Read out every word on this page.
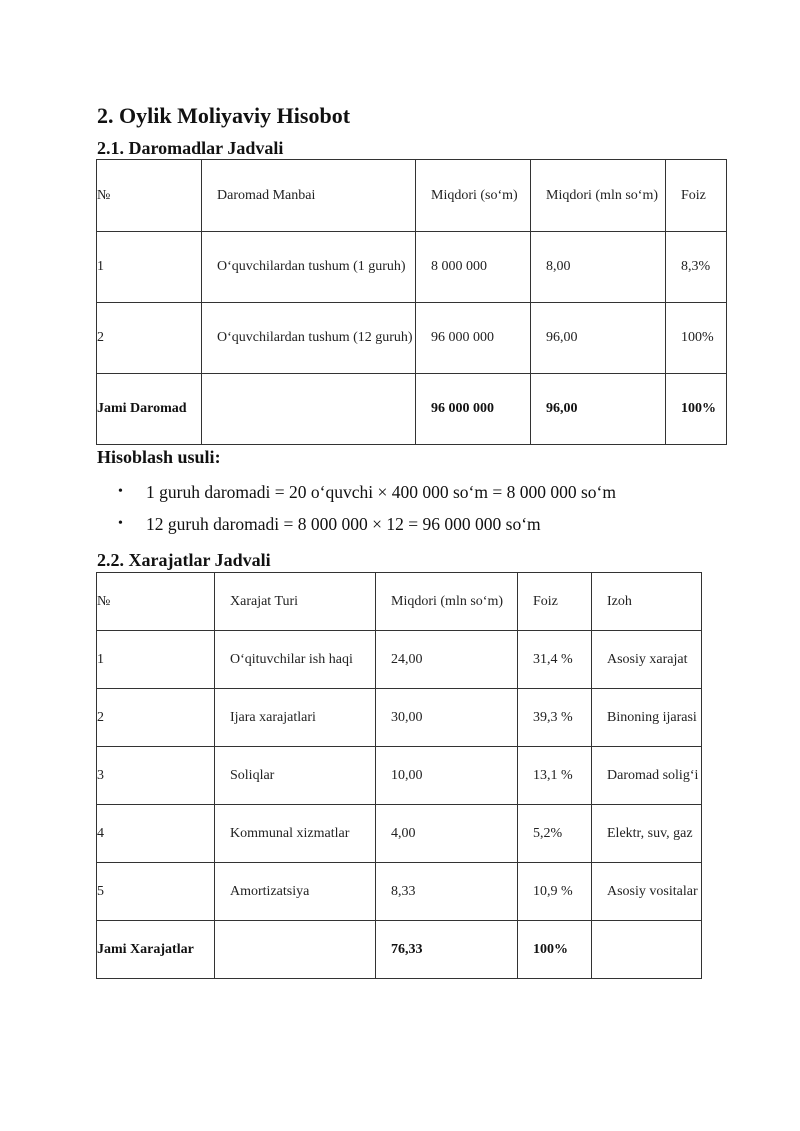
2. Oylik Moliyaviy Hisobot
2.1. Daromadlar Jadvali
№	Daromad Manbai	Miqdori (so‘m)	Miqdori (mln so‘m)	Foiz

1	O‘quvchilardan tushum (1 guruh)	8 000 000	8,00	8,3%

2	O‘quvchilardan tushum (12 guruh)	96 000 000	96,00	100%

Jami Daromad		96 000 000	96,00	100%
Hisoblash usuli:
• 1 guruh daromadi = 20 o‘quvchi × 400 000 so‘m = 8 000 000 so‘m
• 12 guruh daromadi = 8 000 000 × 12 = 96 000 000 so‘m
2.2. Xarajatlar Jadvali
№	Xarajat Turi	Miqdori (mln so‘m)	Foiz	Izoh

1	O‘qituvchilar ish haqi	24,00	31,4 %	Asosiy xarajat

2	Ijara xarajatlari	30,00	39,3 %	Binoning ijarasi

3	Soliqlar	10,00	13,1 %	Daromad solig‘i

4	Kommunal xizmatlar	4,00	5,2%	Elektr, suv, gaz

5	Amortizatsiya	8,33	10,9 %	Asosiy vositalar

Jami Xarajatlar		76,33	100%	
